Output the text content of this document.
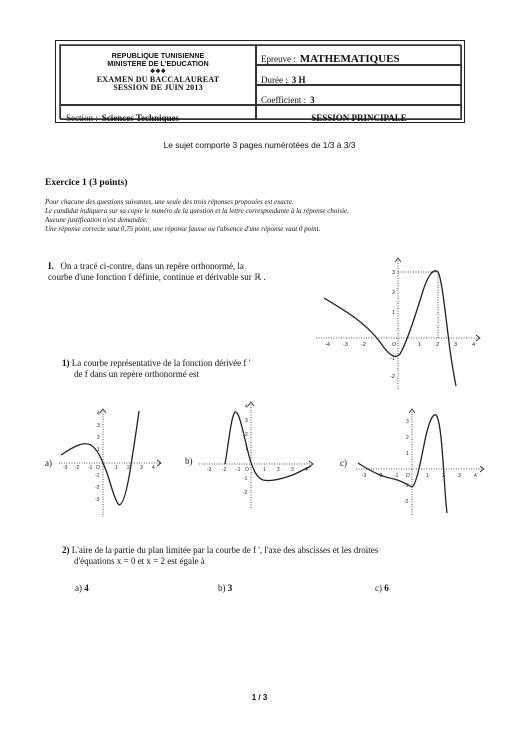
REPUBLIQUE TUNISIENNE
MINISTERE DE L'EDUCATION
❖❖❖
EXAMEN DU BACCALAUREAT
SESSION DE JUIN 2013
Epreuve : MATHEMATIQUES
Durée : 3 H
Coefficient : 3
Section : Sciences Techniques	SESSION PRINCIPALE
Le sujet comporte 3 pages numérotées de 1/3 à 3/3
Exercice 1 (3 points)
Pour chacune des questions suivantes, une seule des trois réponses proposées est exacte.
Le candidat indiquera sur sa copie le numéro de la question et la lettre correspondante à la réponse choisie.
Aucune justification n'est demandée.
Une réponse correcte vaut 0,75 point, une réponse fausse ou l'absence d'une réponse vaut 0 point.
I. On a tracé ci-contre, dans un repère orthonormé, la
courbe d'une fonction f définie, continue et dérivable sur ℝ .
-4 -3 -2	O	1	2	3	4
3
2
1
-1
-2
1) La courbe représentative de la fonction dérivée f '
de f dans un repère orthonormé est
a) -3 -2 -1 O	1 2 3 4
4
3
2
1
-1
-2
-3
b)
-3 -2 -1 O	1 2 3 4
4
3
2
1
-1
-2
c)
-3 -2 -1 O	1	2	3	4
3
2
1
-1
-2
2) L'aire de la partie du plan limitée par la courbe de f ', l'axe des abscisses et les droites
d'équations x = 0 et x = 2 est égale à
a) 4	b) 3	c) 6
1 / 3
